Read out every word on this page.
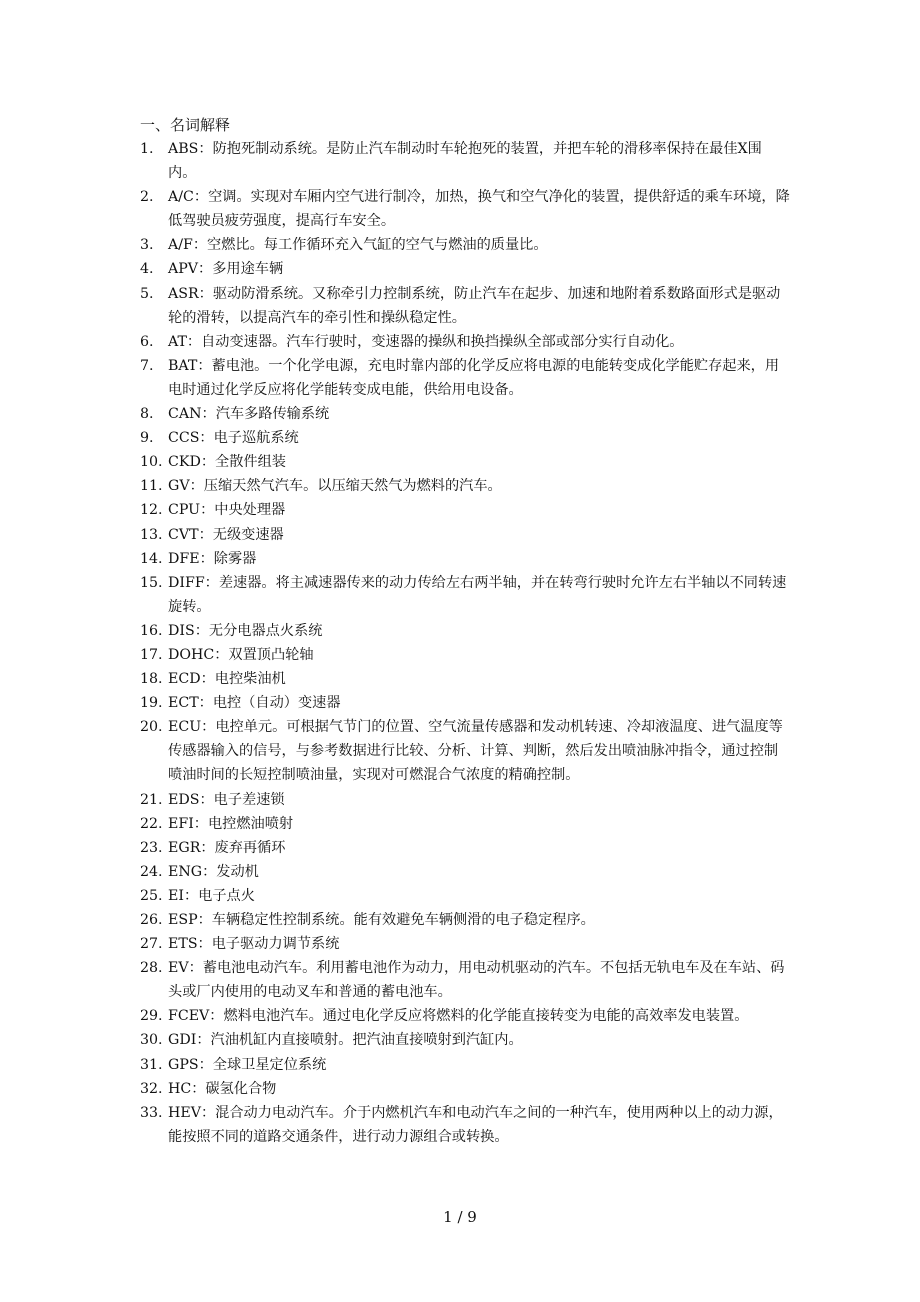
一、名词解释
1. ABS：防抱死制动系统。是防止汽车制动时车轮抱死的装置，并把车轮的滑移率保持在最佳X围内。
2. A/C：空调。实现对车厢内空气进行制冷，加热，换气和空气净化的装置，提供舒适的乘车环境，降低驾驶员疲劳强度，提高行车安全。
3. A/F：空燃比。每工作循环充入气缸的空气与燃油的质量比。
4. APV：多用途车辆
5. ASR：驱动防滑系统。又称牵引力控制系统，防止汽车在起步、加速和地附着系数路面形式是驱动轮的滑转，以提高汽车的牵引性和操纵稳定性。
6. AT：自动变速器。汽车行驶时，变速器的操纵和换挡操纵全部或部分实行自动化。
7. BAT：蓄电池。一个化学电源，充电时靠内部的化学反应将电源的电能转变成化学能贮存起来，用电时通过化学反应将化学能转变成电能，供给用电设备。
8. CAN：汽车多路传输系统
9. CCS：电子巡航系统
10. CKD：全散件组装
11. GV：压缩天然气汽车。以压缩天然气为燃料的汽车。
12. CPU：中央处理器
13. CVT：无级变速器
14. DFE：除雾器
15. DIFF：差速器。将主减速器传来的动力传给左右两半轴，并在转弯行驶时允许左右半轴以不同转速旋转。
16. DIS：无分电器点火系统
17. DOHC：双置顶凸轮轴
18. ECD：电控柴油机
19. ECT：电控（自动）变速器
20. ECU：电控单元。可根据气节门的位置、空气流量传感器和发动机转速、冷却液温度、进气温度等传感器输入的信号，与参考数据进行比较、分析、计算、判断，然后发出喷油脉冲指令，通过控制喷油时间的长短控制喷油量，实现对可燃混合气浓度的精确控制。
21. EDS：电子差速锁
22. EFI：电控燃油喷射
23. EGR：废弃再循环
24. ENG：发动机
25. EI：电子点火
26. ESP：车辆稳定性控制系统。能有效避免车辆侧滑的电子稳定程序。
27. ETS：电子驱动力调节系统
28. EV：蓄电池电动汽车。利用蓄电池作为动力，用电动机驱动的汽车。不包括无轨电车及在车站、码头或厂内使用的电动叉车和普通的蓄电池车。
29. FCEV：燃料电池汽车。通过电化学反应将燃料的化学能直接转变为电能的高效率发电装置。
30. GDI：汽油机缸内直接喷射。把汽油直接喷射到汽缸内。
31. GPS：全球卫星定位系统
32. HC：碳氢化合物
33. HEV：混合动力电动汽车。介于内燃机汽车和电动汽车之间的一种汽车，使用两种以上的动力源，能按照不同的道路交通条件，进行动力源组合或转换。
1 / 9
